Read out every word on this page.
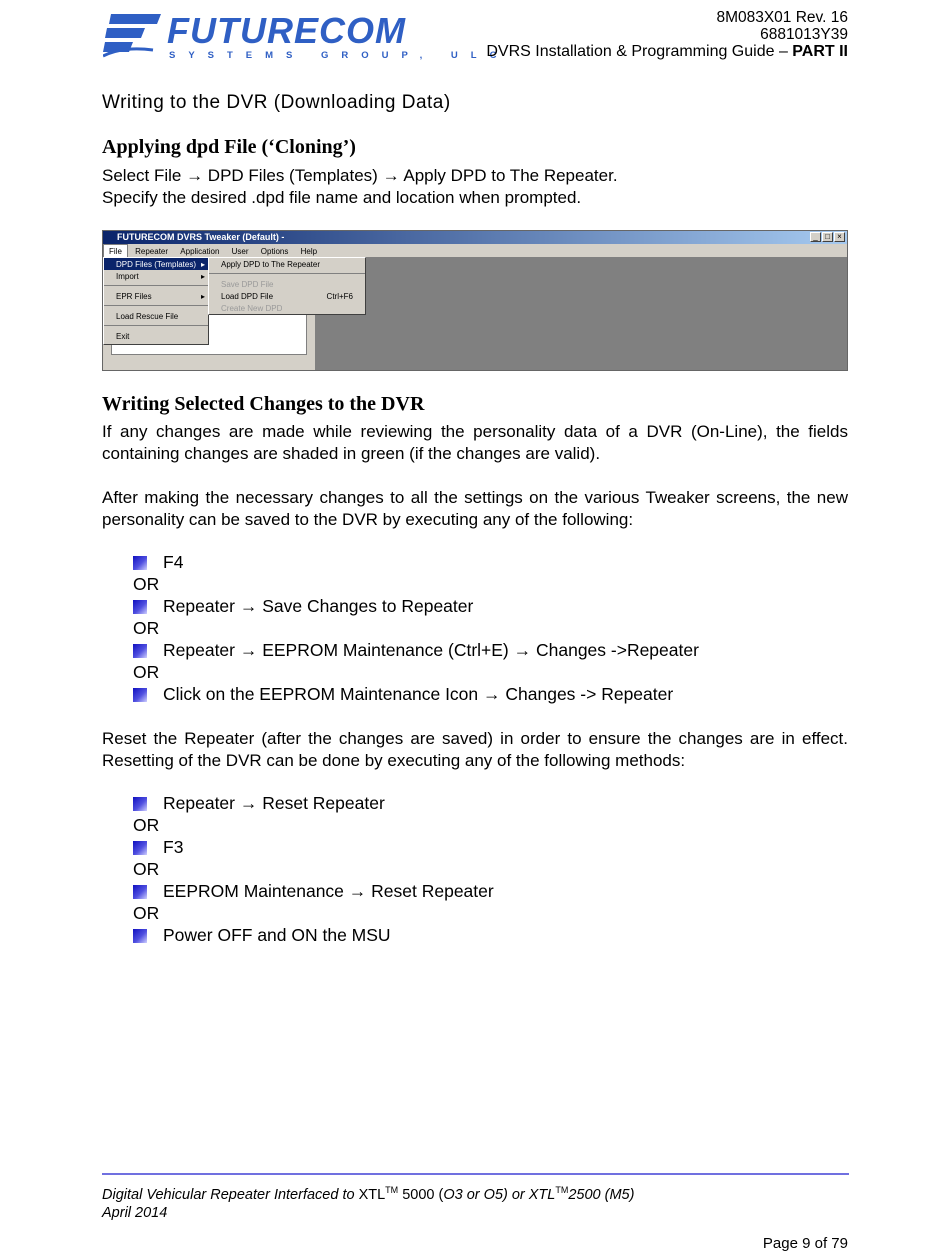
FUTURECOM
SYSTEMS GROUP, ULC
8M083X01 Rev. 16
6881013Y39
DVRS Installation & Programming Guide – PART II
Writing to the DVR (Downloading Data)
Applying dpd File (‘Cloning’)
Select File → DPD Files (Templates) → Apply DPD to The Repeater.
Specify the desired .dpd file name and location when prompted.
FUTURECOM DVRS Tweaker (Default) -	_ □ ×
File Repeater Application User Options Help
DPD Files (Templates) ▸
Import	▸
EPR Files	▸
Load Rescue File
Exit
Apply DPD to The Repeater
Save DPD File
Load DPD File	Ctrl+F6
Create New DPD
Writing Selected Changes to the DVR
If any changes are made while reviewing the personality data of a DVR (On-Line), the fields containing changes are shaded in green (if the changes are valid).
After making the necessary changes to all the settings on the various Tweaker screens, the new personality can be saved to the DVR by executing any of the following:
F4
OR
Repeater → Save Changes to Repeater
OR
Repeater → EEPROM Maintenance (Ctrl+E) → Changes ->Repeater
OR
Click on the EEPROM Maintenance Icon → Changes -> Repeater
Reset the Repeater (after the changes are saved) in order to ensure the changes are in effect. Resetting of the DVR can be done by executing any of the following methods:
Repeater → Reset Repeater
OR
F3
OR
EEPROM Maintenance → Reset Repeater
OR
Power OFF and ON the MSU
Digital Vehicular Repeater Interfaced to XTL™ 5000 (O3 or O5) or XTL™2500 (M5)
April 2014
Page 9 of 79
